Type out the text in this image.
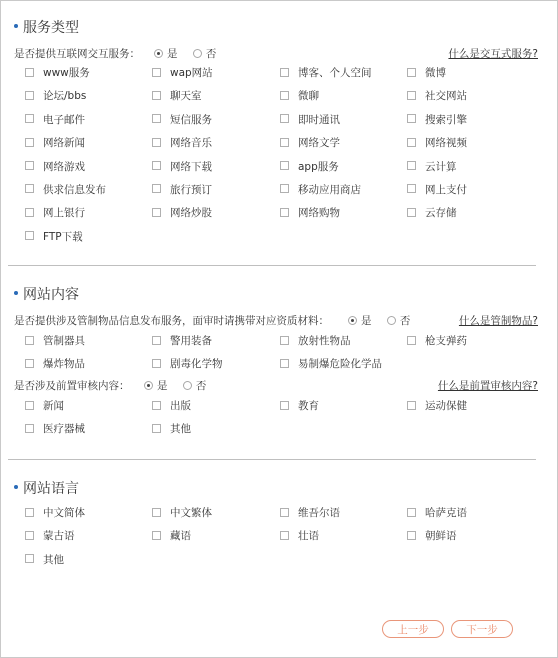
服务类型
是否提供互联网交互服务：	是	否	什么是交互式服务?
www服务	wap网站	博客、个人空间	微博
论坛/bbs	聊天室	微聊	社交网站
电子邮件	短信服务	即时通讯	搜索引擎
网络新闻	网络音乐	网络文学	网络视频
网络游戏	网络下载	app服务	云计算
供求信息发布	旅行预订	移动应用商店	网上支付
网上银行	网络炒股	网络购物	云存储
FTP下载
网站内容
是否提供涉及管制物品信息发布服务，面审时请携带对应资质材料：	是	否	什么是管制物品?
管制器具	警用装备	放射性物品	枪支弹药
爆炸物品	剧毒化学物	易制爆危险化学品
是否涉及前置审核内容：	是	否	什么是前置审核内容?
新闻	出版	教育	运动保健
医疗器械	其他
网站语言
中文简体	中文繁体	维吾尔语	哈萨克语
蒙古语	藏语	壮语	朝鲜语
其他
上一步	下一步
